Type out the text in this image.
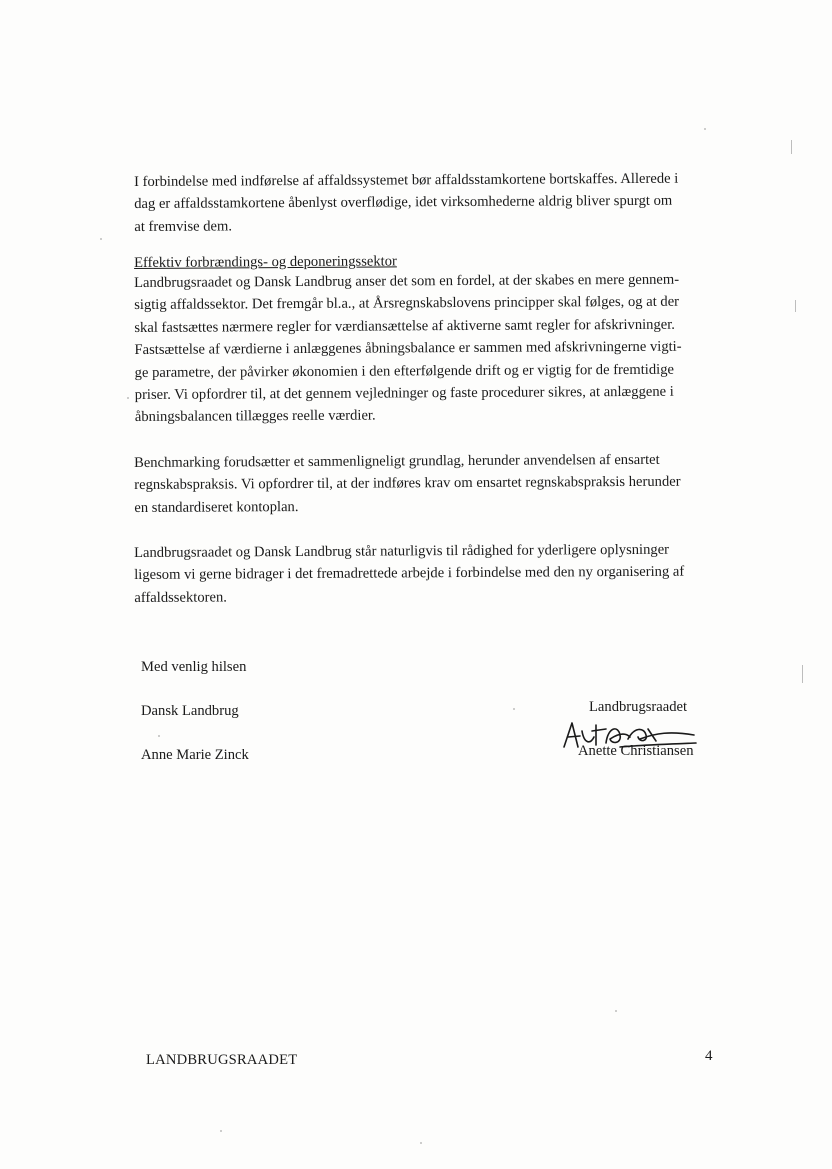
I forbindelse med indførelse af affaldssystemet bør affaldsstamkortene bortskaffes. Allerede i
dag er affaldsstamkortene åbenlyst overflødige, idet virksomhederne aldrig bliver spurgt om
at fremvise dem.
Effektiv forbrændings- og deponeringssektor
Landbrugsraadet og Dansk Landbrug anser det som en fordel, at der skabes en mere gennem-
sigtig affaldssektor. Det fremgår bl.a., at Årsregnskabslovens principper skal følges, og at der
skal fastsættes nærmere regler for værdiansættelse af aktiverne samt regler for afskrivninger.
Fastsættelse af værdierne i anlæggenes åbningsbalance er sammen med afskrivningerne vigti-
ge parametre, der påvirker økonomien i den efterfølgende drift og er vigtig for de fremtidige
priser. Vi opfordrer til, at det gennem vejledninger og faste procedurer sikres, at anlæggene i
åbningsbalancen tillægges reelle værdier.
Benchmarking forudsætter et sammenligneligt grundlag, herunder anvendelsen af ensartet
regnskabspraksis. Vi opfordrer til, at der indføres krav om ensartet regnskabspraksis herunder
en standardiseret kontoplan.
Landbrugsraadet og Dansk Landbrug står naturligvis til rådighed for yderligere oplysninger
ligesom vi gerne bidrager i det fremadrettede arbejde i forbindelse med den ny organisering af
affaldssektoren.
Med venlig hilsen
Dansk Landbrug
Anne Marie Zinck
Landbrugsraadet
Anette Christiansen
LANDBRUGSRAADET	4
